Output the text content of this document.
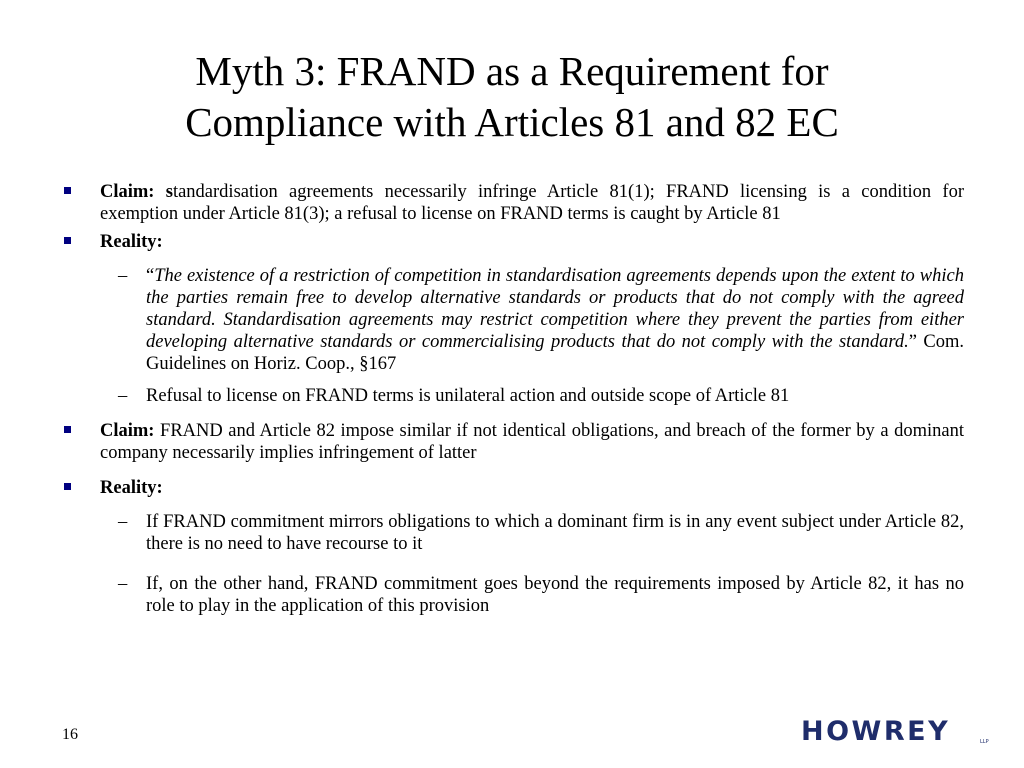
Myth 3: FRAND as a Requirement for
Compliance with Articles 81 and 82 EC
Claim: standardisation agreements necessarily infringe Article 81(1); FRAND licensing is a condition for exemption under Article 81(3); a refusal to license on FRAND terms is caught by Article 81
Reality:
– “The existence of a restriction of competition in standardisation agreements depends upon the extent to which the parties remain free to develop alternative standards or products that do not comply with the agreed standard. Standardisation agreements may restrict competition where they prevent the parties from either developing alternative standards or commercialising products that do not comply with the standard.” Com. Guidelines on Horiz. Coop., §167
– Refusal to license on FRAND terms is unilateral action and outside scope of Article 81
Claim: FRAND and Article 82 impose similar if not identical obligations, and breach of the former by a dominant company necessarily implies infringement of latter
Reality:
– If FRAND commitment mirrors obligations to which a dominant firm is in any event subject under Article 82, there is no need to have recourse to it
– If, on the other hand, FRAND commitment goes beyond the requirements imposed by Article 82, it has no role to play in the application of this provision
16	HOWREY	LLP
